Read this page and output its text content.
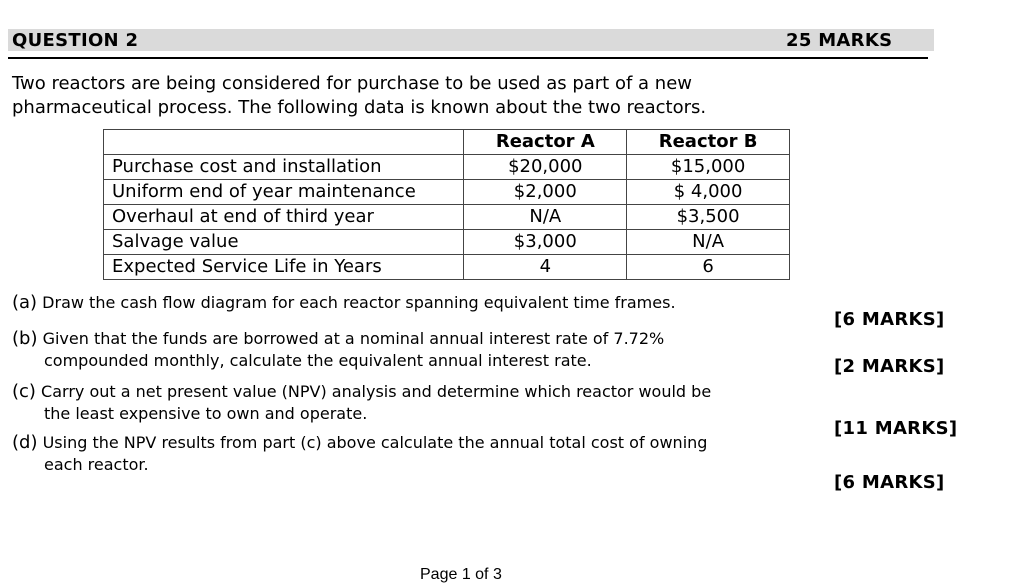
QUESTION 2	25 MARKS
Two reactors are being considered for purchase to be used as part of a new
pharmaceutical process. The following data is known about the two reactors.
	Reactor A	Reactor B
Purchase cost and installation	$20,000	$15,000
Uniform end of year maintenance	$2,000	$ 4,000
Overhaul at end of third year	N/A	$3,500
Salvage value	$3,000	N/A
Expected Service Life in Years	4	6
(a) Draw the cash flow diagram for each reactor spanning equivalent time frames.
(b) Given that the funds are borrowed at a nominal annual interest rate of 7.72%
compounded monthly, calculate the equivalent annual interest rate.
(c) Carry out a net present value (NPV) analysis and determine which reactor would be
the least expensive to own and operate.
(d) Using the NPV results from part (c) above calculate the annual total cost of owning
each reactor.
[6 MARKS]
[2 MARKS]
[11 MARKS]
[6 MARKS]
Page 1 of 3
